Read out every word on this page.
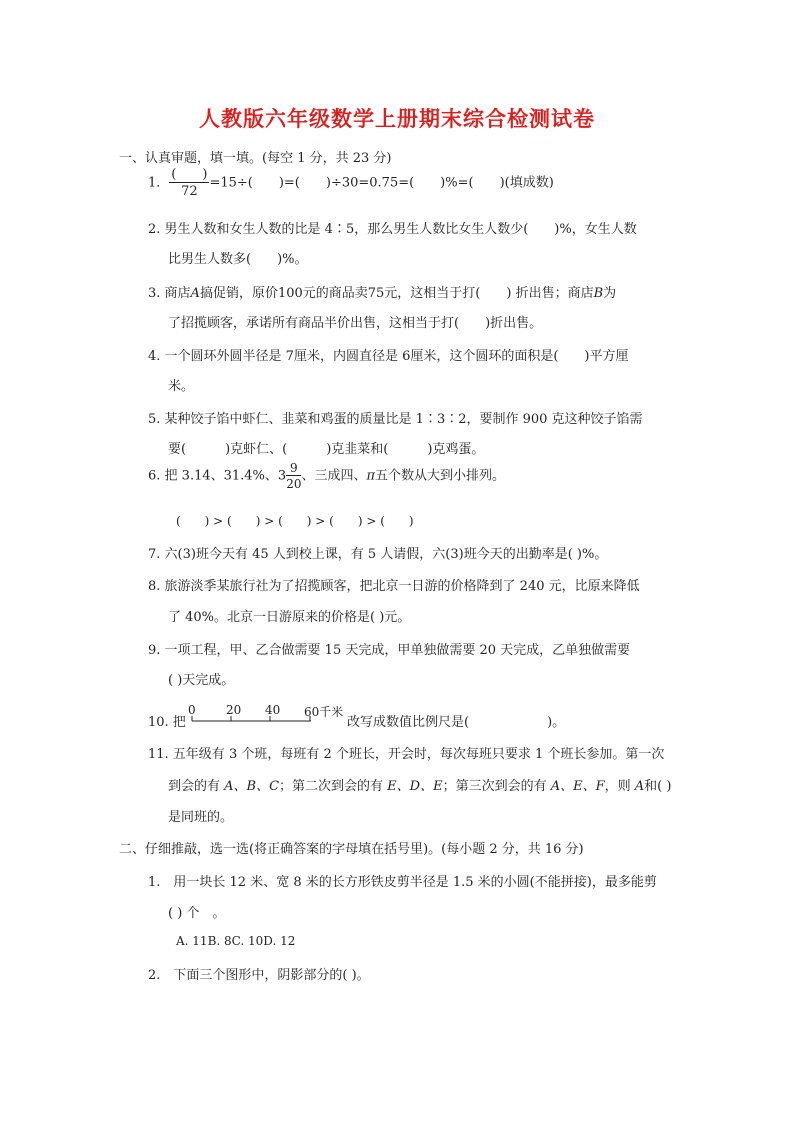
人教版六年级数学上册期末综合检测试卷
一、认真审题，填一填。(每空 1 分，共 23 分)
1． $\frac{( )}{72} =15\div$(　　)=(　　)÷30=0.75=(　　)%=(　　)(填成数)
2. 男生人数和女生人数的比是 4∶5，那么男生人数比女生人数少(　　)%，女生人数
比男生人数多(　　)%。
3. 商店A搞促销，原价100元的商品卖75元，这相当于打(　　) 折出售；商店B为
了招揽顾客，承诺所有商品半价出售，这相当于打(　　)折出售。
4. 一个圆环外圆半径是 7厘米，内圆直径是 6厘米，这个圆环的面积是(　　)平方厘
米。
5. 某种饺子馅中虾仁、韭菜和鸡蛋的质量比是 1∶3∶2，要制作 900 克这种饺子馅需
要(　　　)克虾仁、(　　　)克韭菜和(　　　)克鸡蛋。
6. 把 3.14、31.4%、$3 \frac{9}{20}$ 、三成四、π五个数从大到小排列。
(　　) > (　　) > (　　) > (　　) > (　　)
7. 六(3)班今天有 45 人到校上课，有 5 人请假，六(3)班今天的出勤率是( )%。
8. 旅游淡季某旅行社为了招揽顾客，把北京一日游的价格降到了 240 元，比原来降低
了 40%。北京一日游原来的价格是( )元。
9. 一项工程，甲、乙合做需要 15 天完成，甲单独做需要 20 天完成，乙单独做需要
( )天完成。
10. 把
0	20 40 60千米
改写成数值比例尺是(　　　　　　)。
11. 五年级有 3 个班，每班有 2 个班长，开会时，每次每班只要求 1 个班长参加。第一次
到会的有 A、B、C；第二次到会的有 E、D、E；第三次到会的有 A、E、F，则 A和( )
是同班的。
二、仔细推敲，选一选(将正确答案的字母填在括号里)。(每小题 2 分，共 16 分)
1.　用一块长 12 米、宽 8 米的长方形铁皮剪半径是 1.5 米的小圆(不能拼接)，最多能剪
( ) 个　。
A. 11B. 8C. 10D. 12
2.　下面三个图形中，阴影部分的( )。
